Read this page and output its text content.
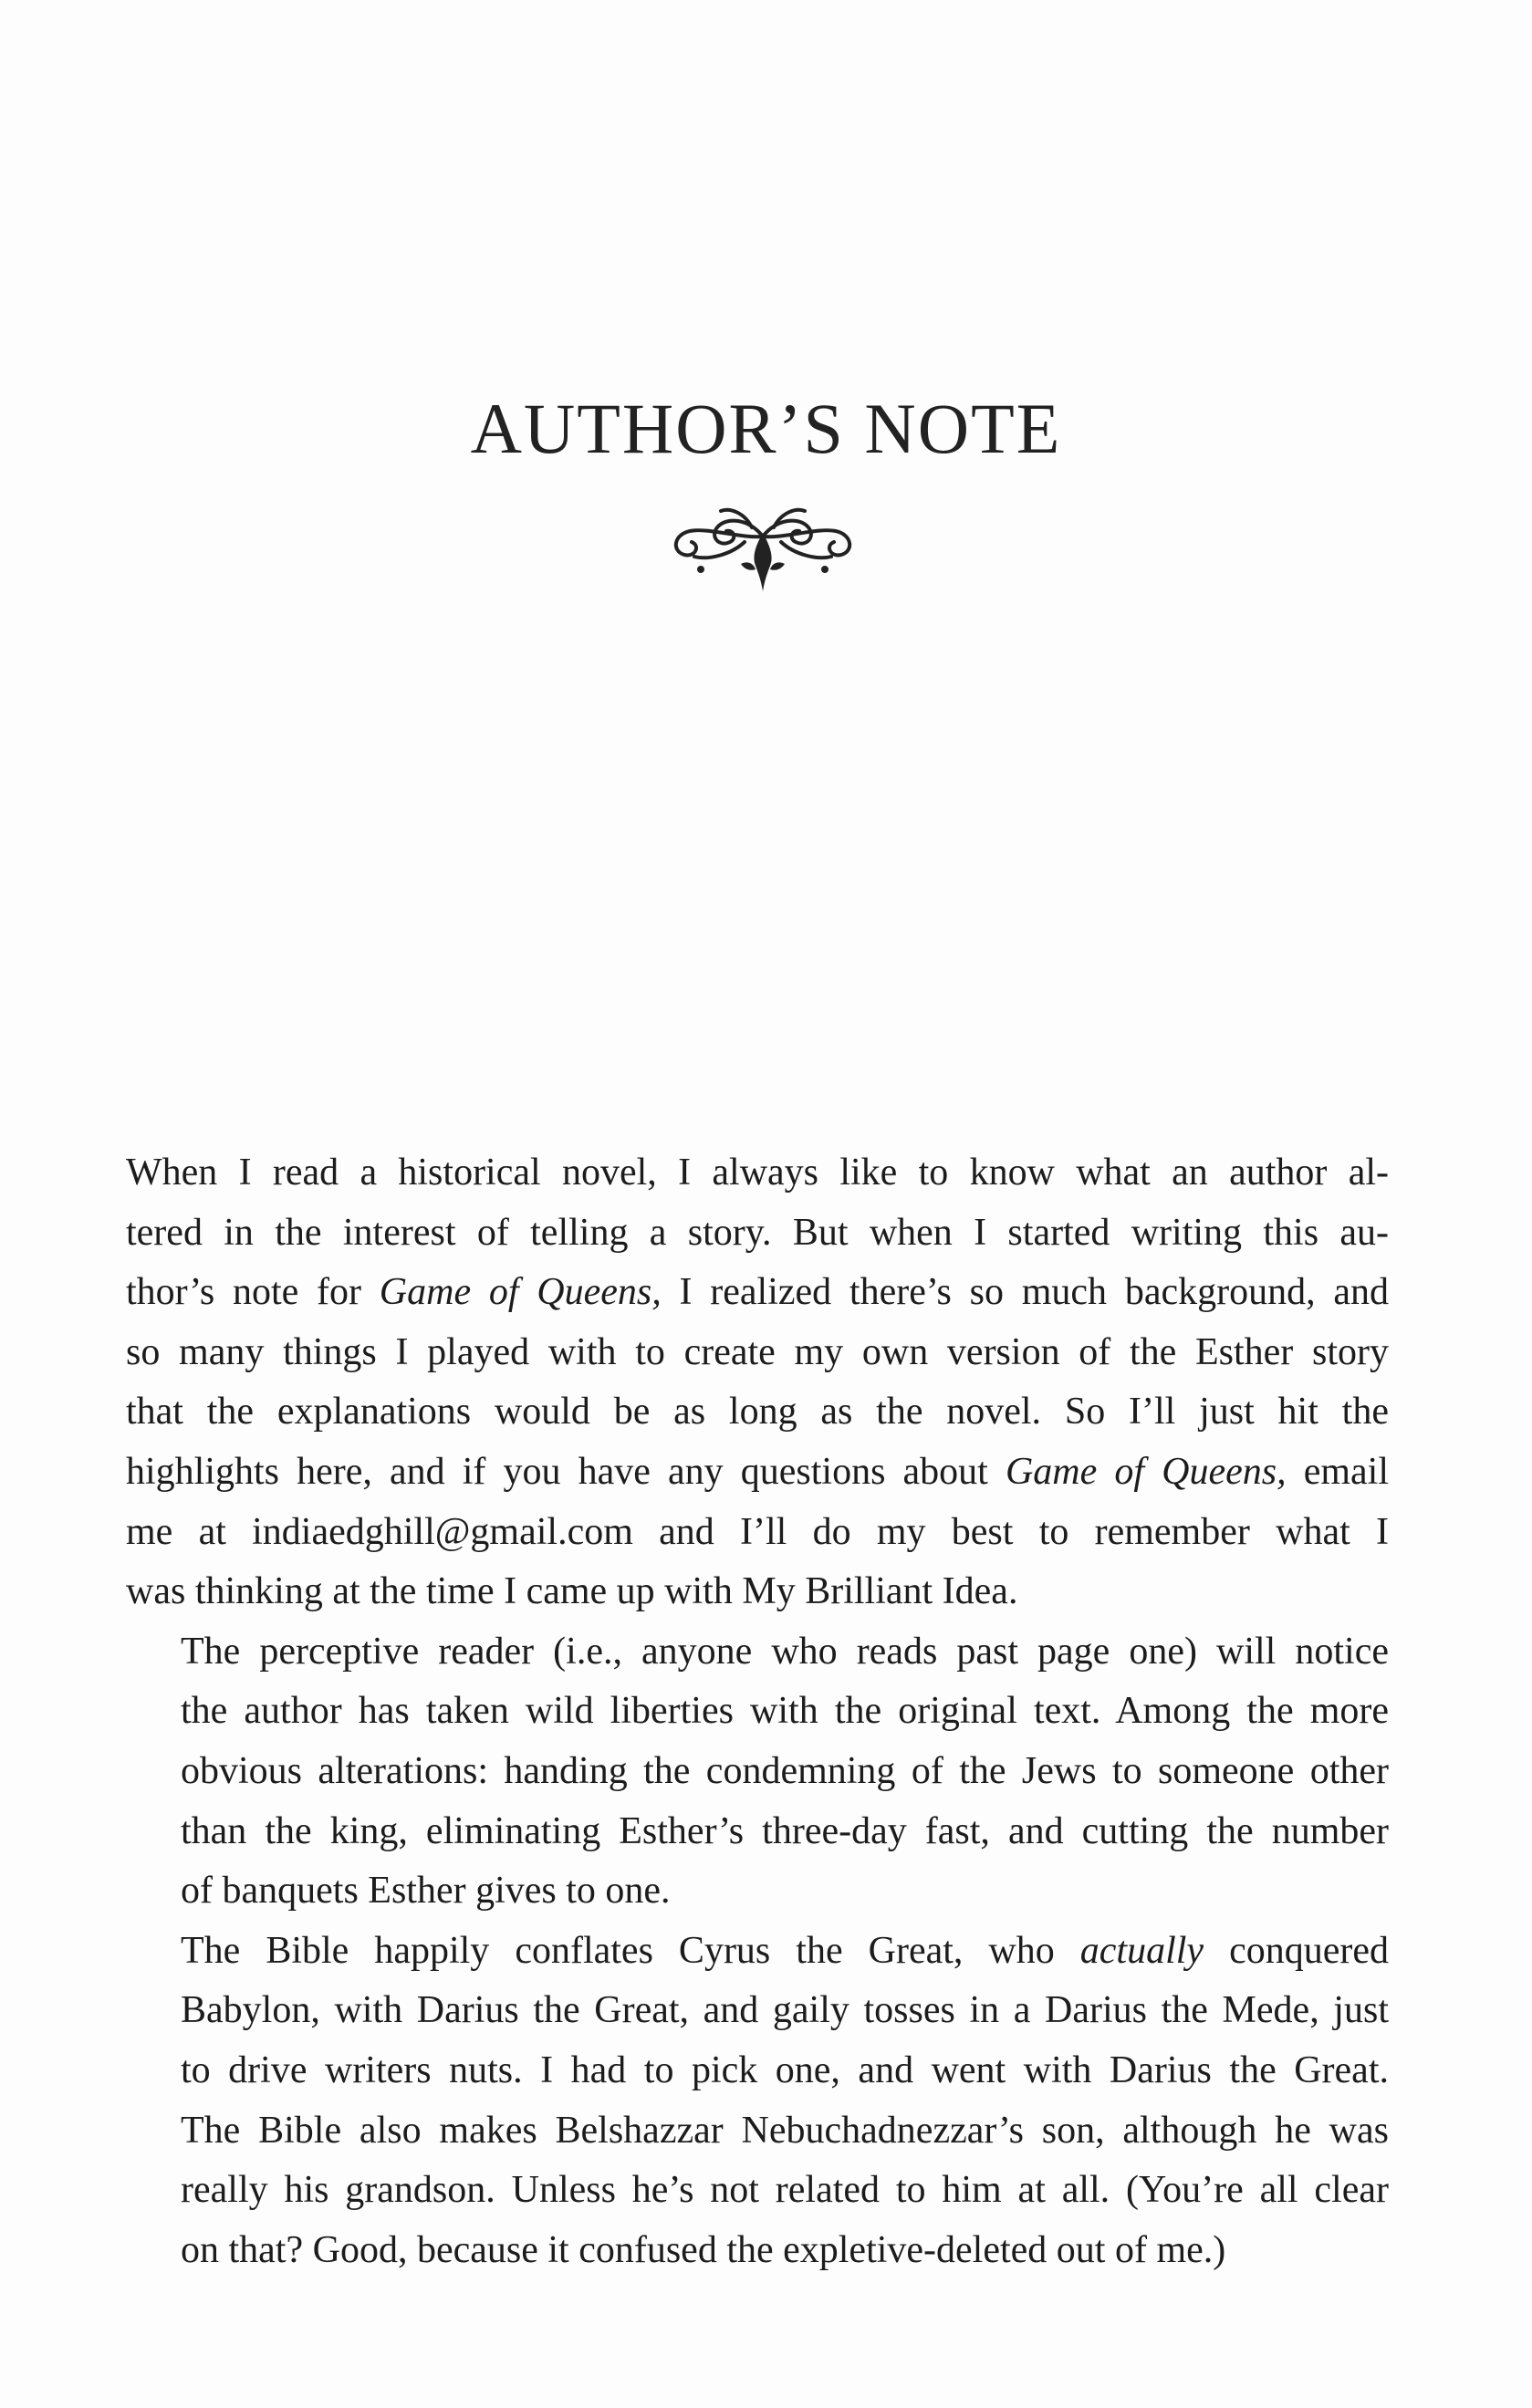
AUTHOR’S NOTE

When I read a historical novel, I always like to know what an author al-
tered in the interest of telling a story. But when I started writing this au-
thor’s note for Game of Queens, I realized there’s so much background, and
so many things I played with to create my own version of the Esther story
that the explanations would be as long as the novel. So I’ll just hit the
highlights here, and if you have any questions about Game of Queens, email
me at indiaedghill@gmail.com and I’ll do my best to remember what I
was thinking at the time I came up with My Brilliant Idea.

The perceptive reader (i.e., anyone who reads past page one) will notice
the author has taken wild liberties with the original text. Among the more
obvious alterations: handing the condemning of the Jews to someone other
than the king, eliminating Esther’s three-day fast, and cutting the number
of banquets Esther gives to one.

The Bible happily conflates Cyrus the Great, who actually conquered
Babylon, with Darius the Great, and gaily tosses in a Darius the Mede, just
to drive writers nuts. I had to pick one, and went with Darius the Great.
The Bible also makes Belshazzar Nebuchadnezzar’s son, although he was
really his grandson. Unless he’s not related to him at all. (You’re all clear
on that? Good, because it confused the expletive-deleted out of me.)
